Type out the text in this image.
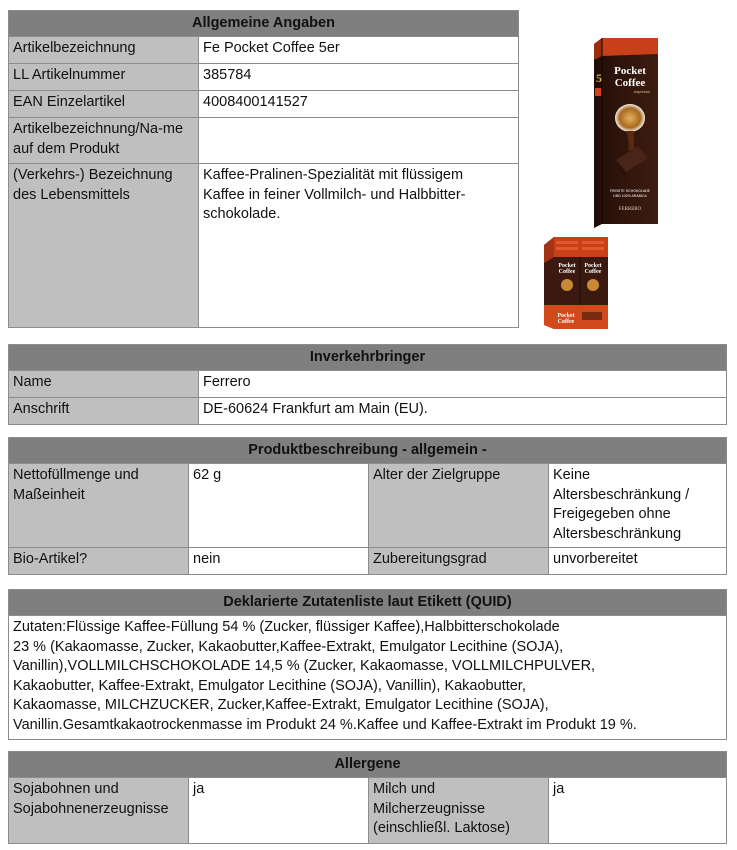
Allgemeine Angaben	
Artikelbezeichnung	Fe Pocket Coffee 5er
LL Artikelnummer	385784
EAN Einzelartikel	4008400141527

Artikelbezeichnung/Na-me auf dem Produkt	

(Verkehrs-) Bezeichnung
des Lebensmittels	Kaffee-Pralinen-Spezialität mit flüssigem
Kaffee in feiner Vollmilch- und Halbbitter-
schokolade.
5 Pocket
Coffee
espresso
FEINSTE SCHOKOLADE
UND 100% ARABICA
FERRERO
Pocket
Coffee
Pocket
Coffee
Pocket
Coffee
Inverkehrbringer	
Name	Ferrero
Anschrift	DE-60624 Frankfurt am Main (EU).
Produktbeschreibung - allgemein -			
Nettofüllmenge und
Maßeinheit	62 g	Alter der Zielgruppe	Keine
Altersbeschränkung /
Freigegeben ohne
Altersbeschränkung
Bio-Artikel?	nein	Zubereitungsgrad	unvorbereitet
Deklarierte Zutatenliste laut Etikett (QUID)
Zutaten:Flüssige Kaffee-Füllung 54 % (Zucker, flüssiger Kaffee),Halbbitterschokolade
23 % (Kakaomasse, Zucker, Kakaobutter,Kaffee-Extrakt, Emulgator Lecithine (SOJA),
Vanillin),VOLLMILCHSCHOKOLADE 14,5 % (Zucker, Kakaomasse, VOLLMILCHPULVER,
Kakaobutter, Kaffee-Extrakt, Emulgator Lecithine (SOJA), Vanillin), Kakaobutter,
Kakaomasse, MILCHZUCKER, Zucker,Kaffee-Extrakt, Emulgator Lecithine (SOJA),
Vanillin.Gesamtkakaotrockenmasse im Produkt 24 %.Kaffee und Kaffee-Extrakt im Produkt 19 %.
Allergene
Sojabohnen und
Sojabohnenerzeugnisse	ja	Milch und
Milcherzeugnisse
(einschließl. Laktose)	ja
